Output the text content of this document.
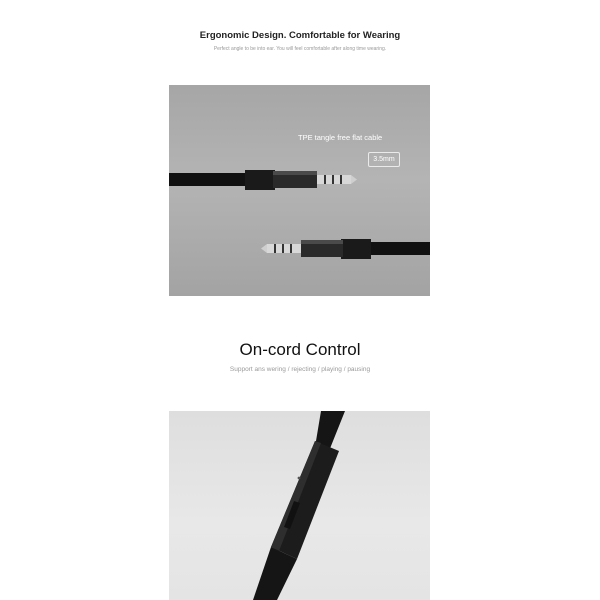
Ergonomic Design. Comfortable for Wearing
Perfect angle to be into ear. You will feel comfortable after along time wearing.
TPE tangle free flat cable
3.5mm
On-cord Control
Support ans wering / rejecting / playing / pausing
